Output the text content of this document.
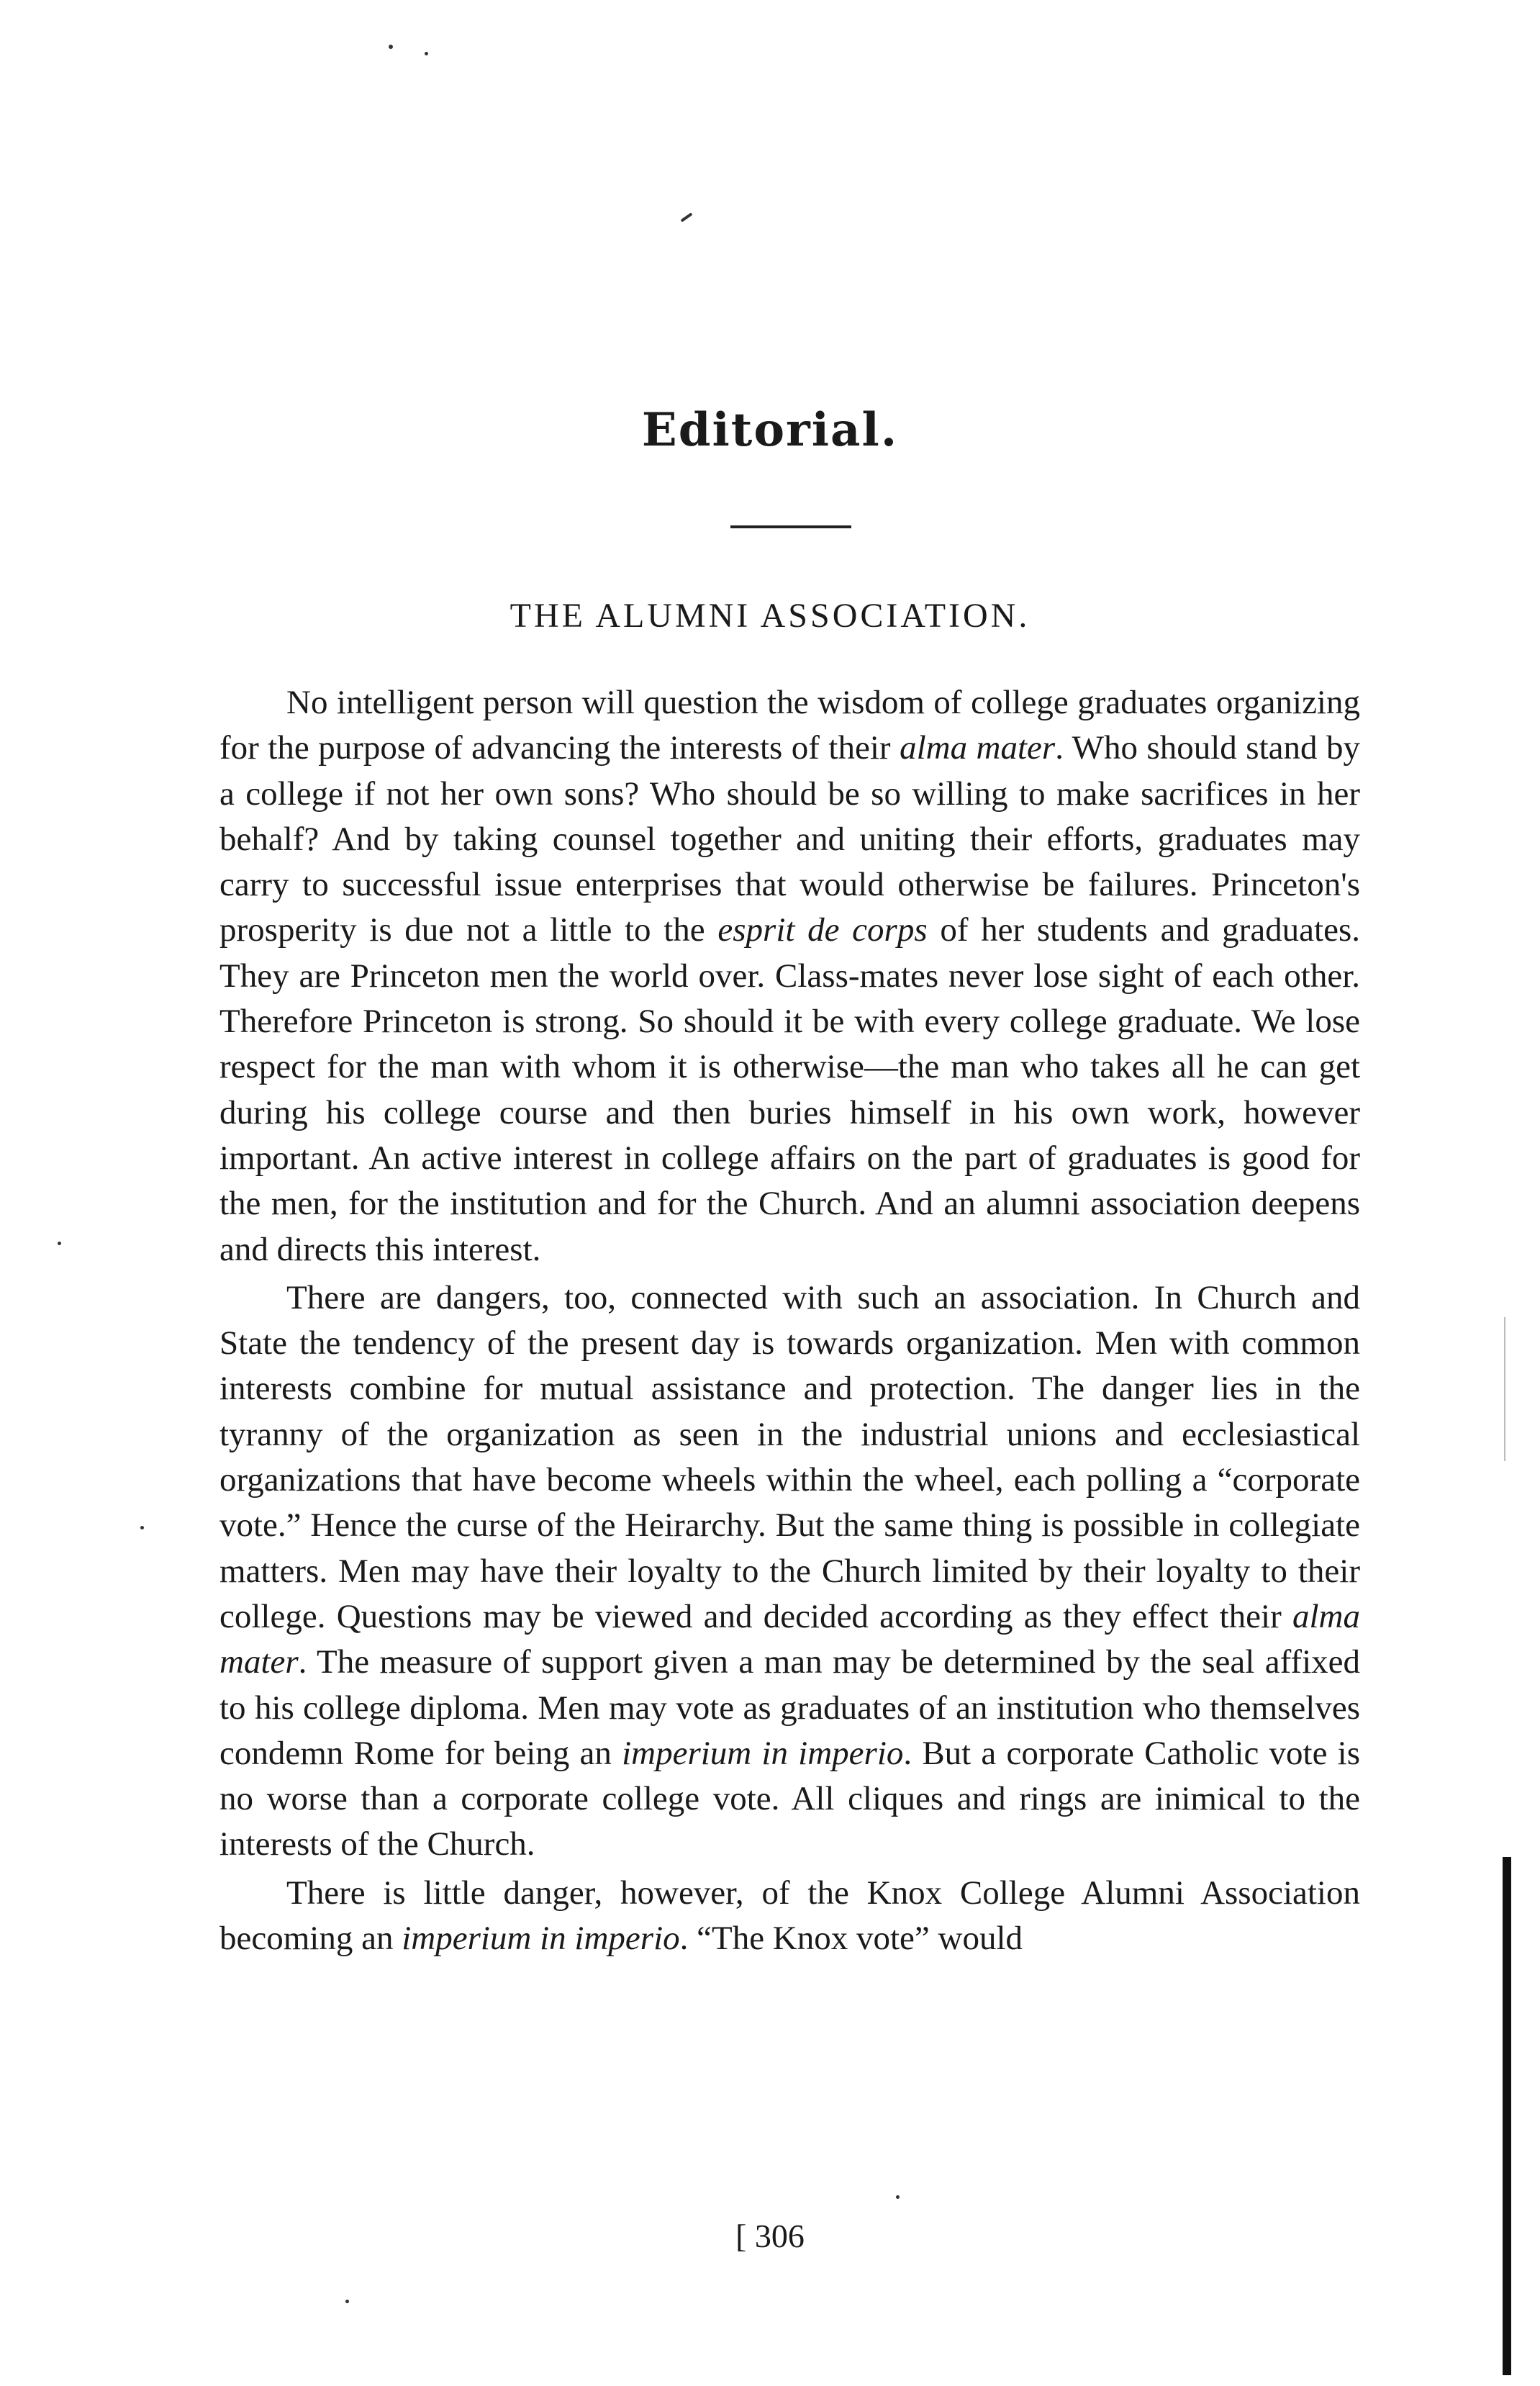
Editorial.
THE ALUMNI ASSOCIATION.

No intelligent person will question the wisdom of college graduates organizing for the purpose of advancing the interests of their alma mater. Who should stand by a college if not her own sons? Who should be so willing to make sacrifices in her behalf? And by taking counsel together and uniting their efforts, graduates may carry to successful issue enterprises that would otherwise be failures. Princeton's prosperity is due not a little to the esprit de corps of her students and graduates. They are Princeton men the world over. Class-mates never lose sight of each other. Therefore Princeton is strong. So should it be with every college graduate. We lose respect for the man with whom it is otherwise—the man who takes all he can get during his college course and then buries himself in his own work, however important. An active interest in college affairs on the part of graduates is good for the men, for the institution and for the Church. And an alumni association deepens and directs this interest.

There are dangers, too, connected with such an association. In Church and State the tendency of the present day is towards organization. Men with common interests combine for mutual assistance and protection. The danger lies in the tyranny of the organization as seen in the industrial unions and ecclesiastical organizations that have become wheels within the wheel, each polling a “corporate vote.” Hence the curse of the Heirarchy. But the same thing is possible in collegiate matters. Men may have their loyalty to the Church limited by their loyalty to their college. Questions may be viewed and decided according as they effect their alma mater. The measure of support given a man may be determined by the seal affixed to his college diploma. Men may vote as graduates of an institution who themselves condemn Rome for being an imperium in imperio. But a corporate Catholic vote is no worse than a corporate college vote. All cliques and rings are inimical to the interests of the Church.

There is little danger, however, of the Knox College Alumni Association becoming an imperium in imperio. “The Knox vote” would

[ 306
